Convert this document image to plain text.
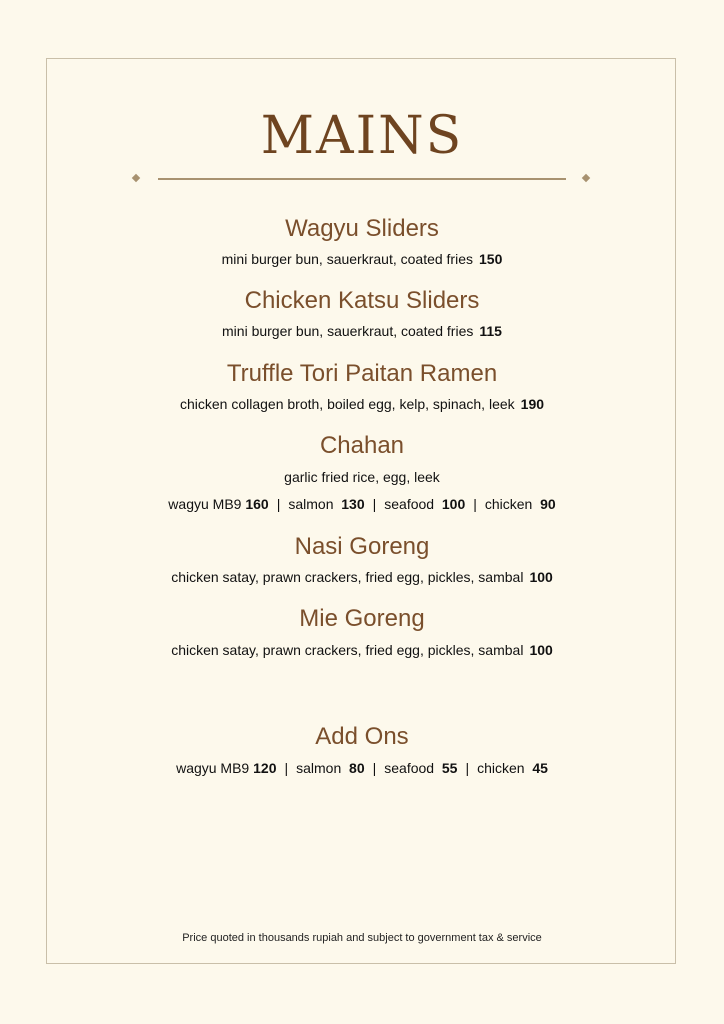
MAINS
Wagyu Sliders
mini burger bun, sauerkraut, coated fries 150
Chicken Katsu Sliders
mini burger bun, sauerkraut, coated fries 115
Truffle Tori Paitan Ramen
chicken collagen broth, boiled egg, kelp, spinach, leek 190
Chahan
garlic fried rice, egg, leek
wagyu MB9 160 | salmon 130 | seafood 100 | chicken 90
Nasi Goreng
chicken satay, prawn crackers, fried egg, pickles, sambal 100
Mie Goreng
chicken satay, prawn crackers, fried egg, pickles, sambal 100
Add Ons
wagyu MB9 120 | salmon 80 | seafood 55 | chicken 45
Price quoted in thousands rupiah and subject to government tax & service
